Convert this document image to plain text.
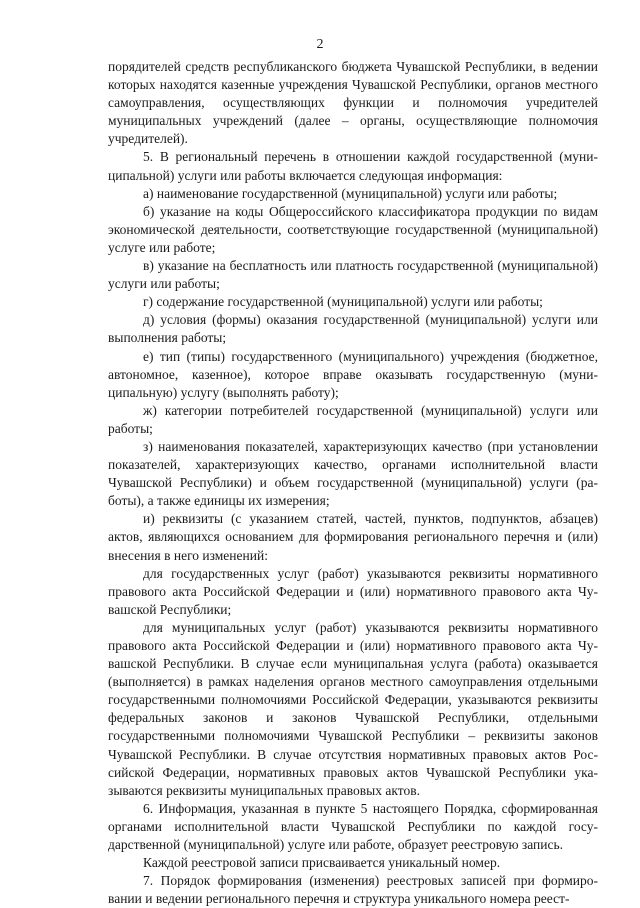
2

порядителей средств республиканского бюджета Чувашской Республики, в ведении которых находятся казенные учреждения Чувашской Республики, органов местного самоуправления, осуществляющих функции и полномочия учредителей муниципальных учреждений (далее – органы, осуществляющие полномочия учредителей).

5. В региональный перечень в отношении каждой государственной (муниципальной) услуги или работы включается следующая информация:

а) наименование государственной (муниципальной) услуги или работы;

б) указание на коды Общероссийского классификатора продукции по видам экономической деятельности, соответствующие государственной (муниципальной) услуге или работе;

в) указание на бесплатность или платность государственной (муниципальной) услуги или работы;

г) содержание государственной (муниципальной) услуги или работы;

д) условия (формы) оказания государственной (муниципальной) услуги или выполнения работы;

е) тип (типы) государственного (муниципального) учреждения (бюджетное, автономное, казенное), которое вправе оказывать государственную (муниципальную) услугу (выполнять работу);

ж) категории потребителей государственной (муниципальной) услуги или работы;

з) наименования показателей, характеризующих качество (при установлении показателей, характеризующих качество, органами исполнительной власти Чувашской Республики) и объем государственной (муниципальной) услуги (работы), а также единицы их измерения;

и) реквизиты (с указанием статей, частей, пунктов, подпунктов, абзацев) актов, являющихся основанием для формирования регионального перечня и (или) внесения в него изменений:

для государственных услуг (работ) указываются реквизиты нормативного правового акта Российской Федерации и (или) нормативного правового акта Чувашской Республики;

для муниципальных услуг (работ) указываются реквизиты нормативного правового акта Российской Федерации и (или) нормативного правового акта Чувашской Республики. В случае если муниципальная услуга (работа) оказывается (выполняется) в рамках наделения органов местного самоуправления отдельными государственными полномочиями Российской Федерации, указываются реквизиты федеральных законов и законов Чувашской Республики, отдельными государственными полномочиями Чувашской Республики – реквизиты законов Чувашской Республики. В случае отсутствия нормативных правовых актов Российской Федерации, нормативных правовых актов Чувашской Республики указываются реквизиты муниципальных правовых актов.

6. Информация, указанная в пункте 5 настоящего Порядка, сформированная органами исполнительной власти Чувашской Республики по каждой государственной (муниципальной) услуге или работе, образует реестровую запись.

Каждой реестровой записи присваивается уникальный номер.

7. Порядок формирования (изменения) реестровых записей при формировании и ведении регионального перечня и структура уникального номера реест-
